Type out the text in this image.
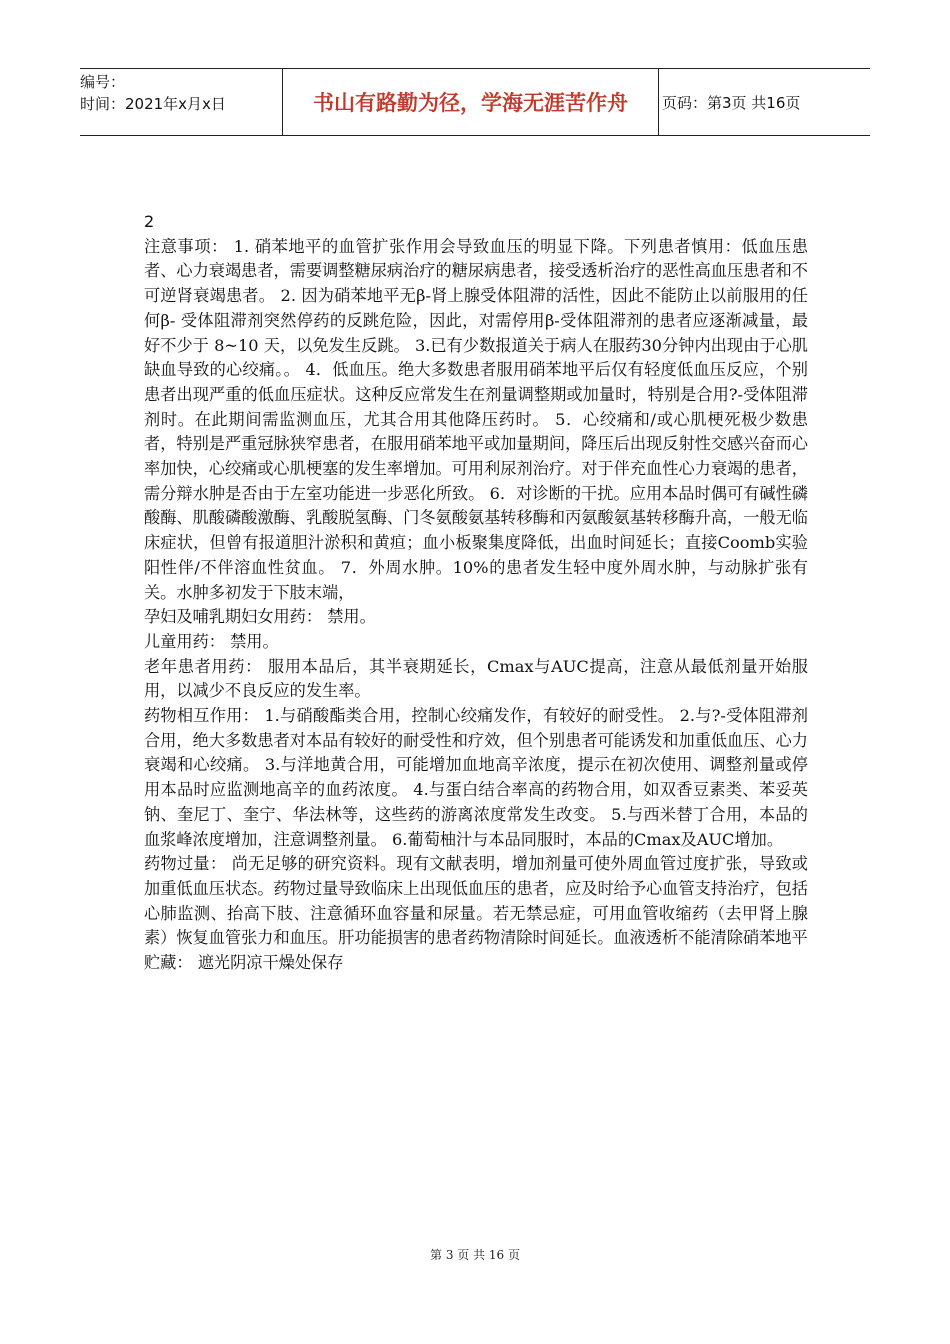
编号：
时间：2021年x月x日	书山有路勤为径，学海无涯苦作舟	页码：第3页 共16页

2

注意事项： 1. 硝苯地平的血管扩张作用会导致血压的明显下降。下列患者慎用：低血压患者、心力衰竭患者，需要调整糖尿病治疗的糖尿病患者，接受透析治疗的恶性高血压患者和不可逆肾衰竭患者。 2. 因为硝苯地平无β-肾上腺受体阻滞的活性，因此不能防止以前服用的任何β- 受体阻滞剂突然停药的反跳危险，因此，对需停用β-受体阻滞剂的患者应逐渐减量，最好不少于 8~10 天，以免发生反跳。 3.已有少数报道关于病人在服药30分钟内出现由于心肌缺血导致的心绞痛。。 4．低血压。绝大多数患者服用硝苯地平后仅有轻度低血压反应，个别患者出现严重的低血压症状。这种反应常发生在剂量调整期或加量时，特别是合用?-受体阻滞剂时。在此期间需监测血压，尤其合用其他降压药时。 5．心绞痛和/或心肌梗死极少数患者，特别是严重冠脉狭窄患者，在服用硝苯地平或加量期间，降压后出现反射性交感兴奋而心率加快，心绞痛或心肌梗塞的发生率增加。可用利尿剂治疗。对于伴充血性心力衰竭的患者，需分辩水肿是否由于左室功能进一步恶化所致。 6．对诊断的干扰。应用本品时偶可有碱性磷酸酶、肌酸磷酸激酶、乳酸脱氢酶、门冬氨酸氨基转移酶和丙氨酸氨基转移酶升高，一般无临床症状，但曾有报道胆汁淤积和黄疸；血小板聚集度降低，出血时间延长；直接Coomb实验阳性伴/不伴溶血性贫血。 7．外周水肿。10%的患者发生轻中度外周水肿，与动脉扩张有关。水肿多初发于下肢末端，

孕妇及哺乳期妇女用药： 禁用。

儿童用药： 禁用。

老年患者用药： 服用本品后，其半衰期延长，Cmax与AUC提高，注意从最低剂量开始服用，以减少不良反应的发生率。

药物相互作用： 1.与硝酸酯类合用，控制心绞痛发作，有较好的耐受性。 2.与?-受体阻滞剂合用，绝大多数患者对本品有较好的耐受性和疗效，但个别患者可能诱发和加重低血压、心力衰竭和心绞痛。 3.与洋地黄合用，可能增加血地高辛浓度，提示在初次使用、调整剂量或停用本品时应监测地高辛的血药浓度。 4.与蛋白结合率高的药物合用，如双香豆素类、苯妥英钠、奎尼丁、奎宁、华法林等，这些药的游离浓度常发生改变。 5.与西米替丁合用，本品的血浆峰浓度增加，注意调整剂量。 6.葡萄柚汁与本品同服时，本品的Cmax及AUC增加。

药物过量： 尚无足够的研究资料。现有文献表明，增加剂量可使外周血管过度扩张，导致或加重低血压状态。药物过量导致临床上出现低血压的患者，应及时给予心血管支持治疗，包括心肺监测、抬高下肢、注意循环血容量和尿量。若无禁忌症，可用血管收缩药（去甲肾上腺素）恢复血管张力和血压。肝功能损害的患者药物清除时间延长。血液透析不能清除硝苯地平

贮藏： 遮光阴凉干燥处保存

第 3 页 共 16 页
